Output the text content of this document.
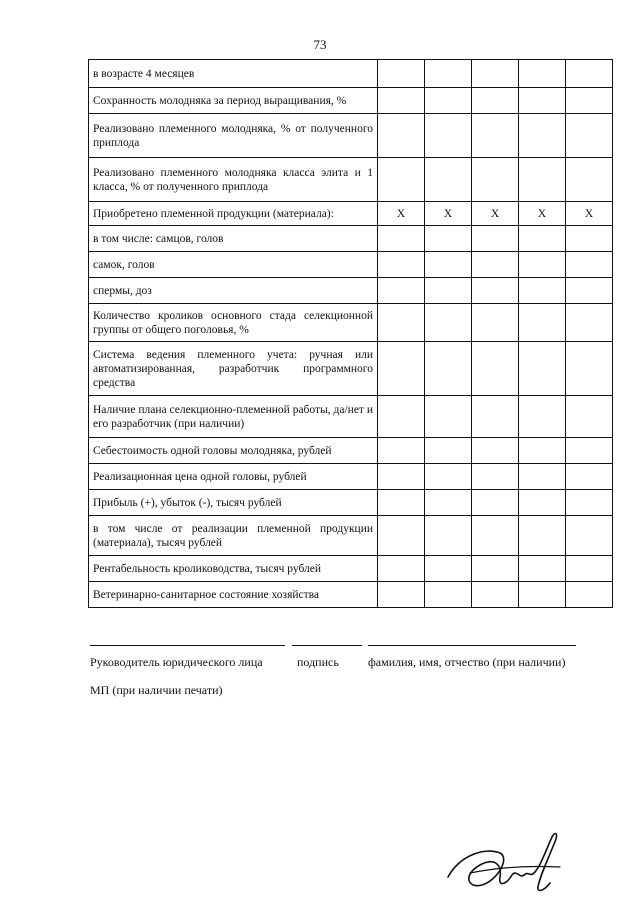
73
в возрасте 4 месяцев					
Сохранность молодняка за период выращивания, %					
Реализовано племенного молодняка, % от полученного приплода					
Реализовано племенного молодняка класса элита и 1 класса, % от полученного приплода					
Приобретено племенной продукции (материала):	X	X	X	X	X
в том числе: самцов, голов					
самок, голов					
спермы, доз					
Количество кроликов основного стада селекционной группы от общего поголовья, %					
Система ведения племенного учета: ручная или автоматизированная, разработчик программного средства					
Наличие плана селекционно-племенной работы, да/нет и его разработчик (при наличии)					
Себестоимость одной головы молодняка, рублей					
Реализационная цена одной головы, рублей					
Прибыль (+), убыток (-), тысяч рублей					
в том числе от реализации племенной продукции (материала), тысяч рублей					
Рентабельность кролиководства, тысяч рублей					
Ветеринарно-санитарное состояние хозяйства					
Руководитель юридического лица	подпись фамилия, имя, отчество (при наличии)
МП (при наличии печати)
